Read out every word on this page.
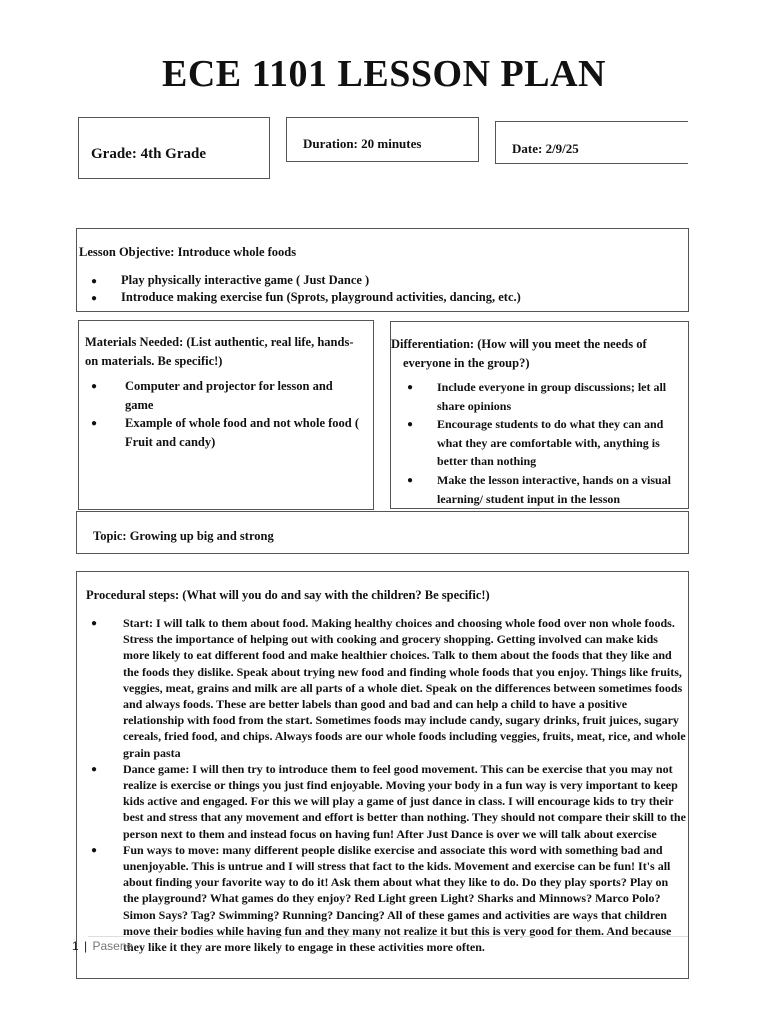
ECE 1101 LESSON PLAN
Grade: 4th Grade
Duration: 20 minutes	Date: 2/9/25
Lesson Objective: Introduce whole foods
● Play physically interactive game ( Just Dance )
● Introduce making exercise fun (Sprots, playground activities, dancing, etc.)
Materials Needed: (List authentic, real life, hands-on materials. Be specific!)
● Computer and projector for lesson and game
● Example of whole food and not whole food ( Fruit and candy)
Differentiation: (How will you meet the needs of
everyone in the group?)
● Include everyone in group discussions; let all share opinions
● Encourage students to do what they can and what they are comfortable with, anything is better than nothing
● Make the lesson interactive, hands on a visual learning/ student input in the lesson
Topic: Growing up big and strong
Procedural steps: (What will you do and say with the children? Be specific!)
● Start: I will talk to them about food. Making healthy choices and choosing whole food over non whole foods. Stress the importance of helping out with cooking and grocery shopping. Getting involved can make kids more likely to eat different food and make healthier choices. Talk to them about the foods that they like and the foods they dislike. Speak about trying new food and finding whole foods that you enjoy. Things like fruits, veggies, meat, grains and milk are all parts of a whole diet. Speak on the differences between sometimes foods and always foods. These are better labels than good and bad and can help a child to have a positive relationship with food from the start. Sometimes foods may include candy, sugary drinks, fruit juices, sugary cereals, fried food, and chips. Always foods are our whole foods including veggies, fruits, meat, rice, and whole grain pasta
● Dance game: I will then try to introduce them to feel good movement. This can be exercise that you may not realize is exercise or things you just find enjoyable. Moving your body in a fun way is very important to keep kids active and engaged. For this we will play a game of just dance in class. I will encourage kids to try their best and stress that any movement and effort is better than nothing. They should not compare their skill to the person next to them and instead focus on having fun! After Just Dance is over we will talk about exercise
● Fun ways to move: many different people dislike exercise and associate this word with something bad and unenjoyable. This is untrue and I will stress that fact to the kids. Movement and exercise can be fun! It's all about finding your favorite way to do it! Ask them about what they like to do. Do they play sports? Play on the playground? What games do they enjoy? Red Light green Light? Sharks and Minnows? Marco Polo? Simon Says? Tag? Swimming? Running? Dancing? All of these games and activities are ways that children move their bodies while having fun and they many not realize it but this is very good for them. And because they like it they are more likely to engage in these activities more often.
1 | Pasene
